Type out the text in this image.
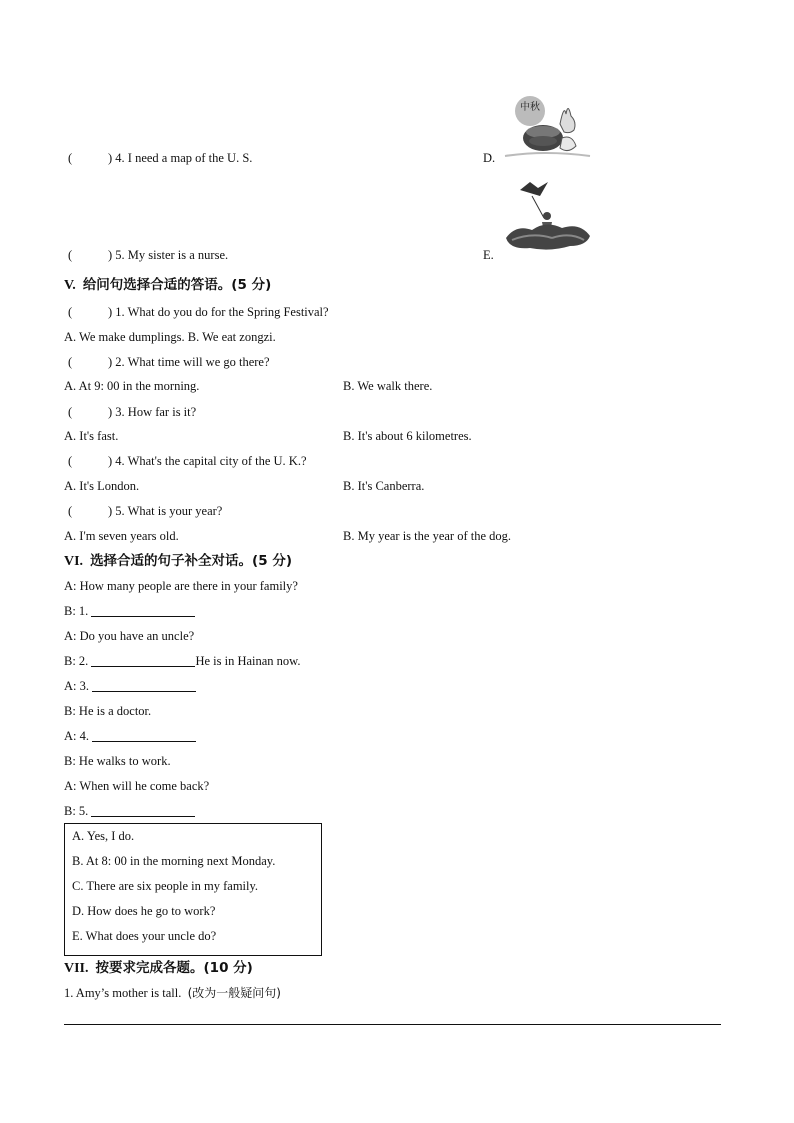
(	) 4. I need a map of the U. S.	D.
中秋
(	) 5. My sister is a nurse.	E.
V. 给问句选择合适的答语。(5 分)
(	) 1. What do you do for the Spring Festival?
A. We make dumplings. B. We eat zongzi.
(	) 2. What time will we go there?
A. At 9: 00 in the morning.	B. We walk there.
(	) 3. How far is it?
A. It's fast.	B. It's about 6 kilometres.
(	) 4. What's the capital city of the U. K.?
A. It's London.	B. It's Canberra.
(	) 5. What is your year?
A. I'm seven years old.	B. My year is the year of the dog.
VI. 选择合适的句子补全对话。(5 分)
A: How many people are there in your family?
B: 1.
A: Do you have an uncle?
B: 2.	He is in Hainan now.
A: 3.
B: He is a doctor.
A: 4.
B: He walks to work.
A: When will he come back?
B: 5.
A. Yes, I do.
B. At 8: 00 in the morning next Monday.
C. There are six people in my family.
D. How does he go to work?
E. What does your uncle do?
VII. 按要求完成各题。(10 分)
1. Amy’s mother is tall. (改为一般疑问句)
